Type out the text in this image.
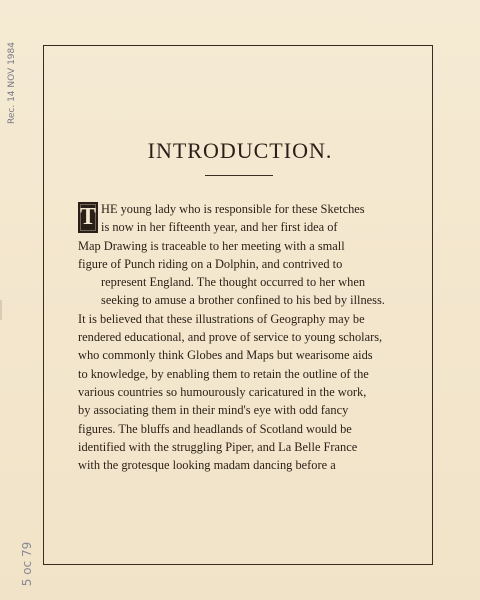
Rec. 14 NOV 1984
5 oc 79
INTRODUCTION.
T HE young lady who is responsible for these Sketches
is now in her fifteenth year, and her first idea of
Map Drawing is traceable to her meeting with a small
figure of Punch riding on a Dolphin, and contrived to
represent England. The thought occurred to her when
seeking to amuse a brother confined to his bed by illness.
It is believed that these illustrations of Geography may be
rendered educational, and prove of service to young scholars,
who commonly think Globes and Maps but wearisome aids
to knowledge, by enabling them to retain the outline of the
various countries so humourously caricatured in the work,
by associating them in their mind's eye with odd fancy
figures. The bluffs and headlands of Scotland would be
identified with the struggling Piper, and La Belle France
with the grotesque looking madam dancing before a
